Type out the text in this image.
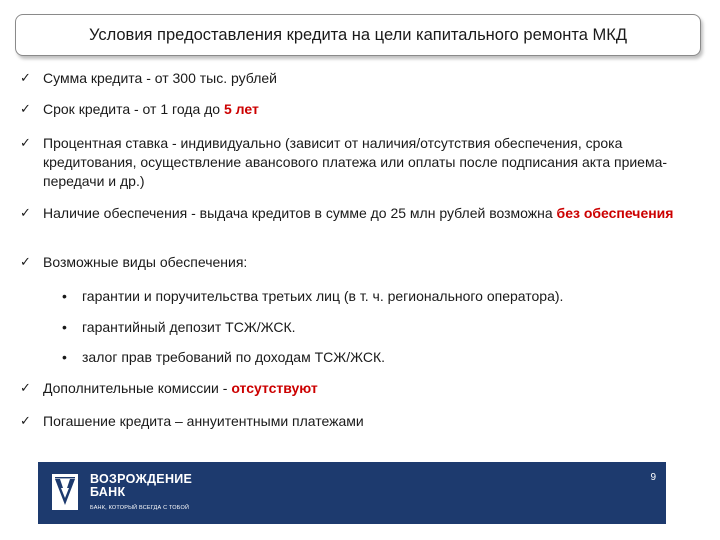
Условия предоставления кредита на цели капитального ремонта МКД
✓ Сумма кредита - от 300 тыс. рублей
✓ Срок кредита - от 1 года до 5 лет
✓ Процентная ставка - индивидуально (зависит от наличия/отсутствия обеспечения, срока кредитования, осуществление авансового платежа или оплаты после подписания акта приема-передачи и др.)
✓ Наличие обеспечения - выдача кредитов в сумме до 25 млн рублей возможна без обеспечения
✓ Возможные виды обеспечения:
• гарантии и поручительства третьих лиц (в т. ч. регионального оператора).
• гарантийный депозит ТСЖ/ЖСК.
• залог прав требований по доходам ТСЖ/ЖСК.
✓ Дополнительные комиссии - отсутствуют
✓ Погашение кредита – аннуитентными платежами
ВОЗРОЖДЕНИЕ
БАНК
БАНК, КОТОРЫЙ ВСЕГДА С ТОБОЙ
9
